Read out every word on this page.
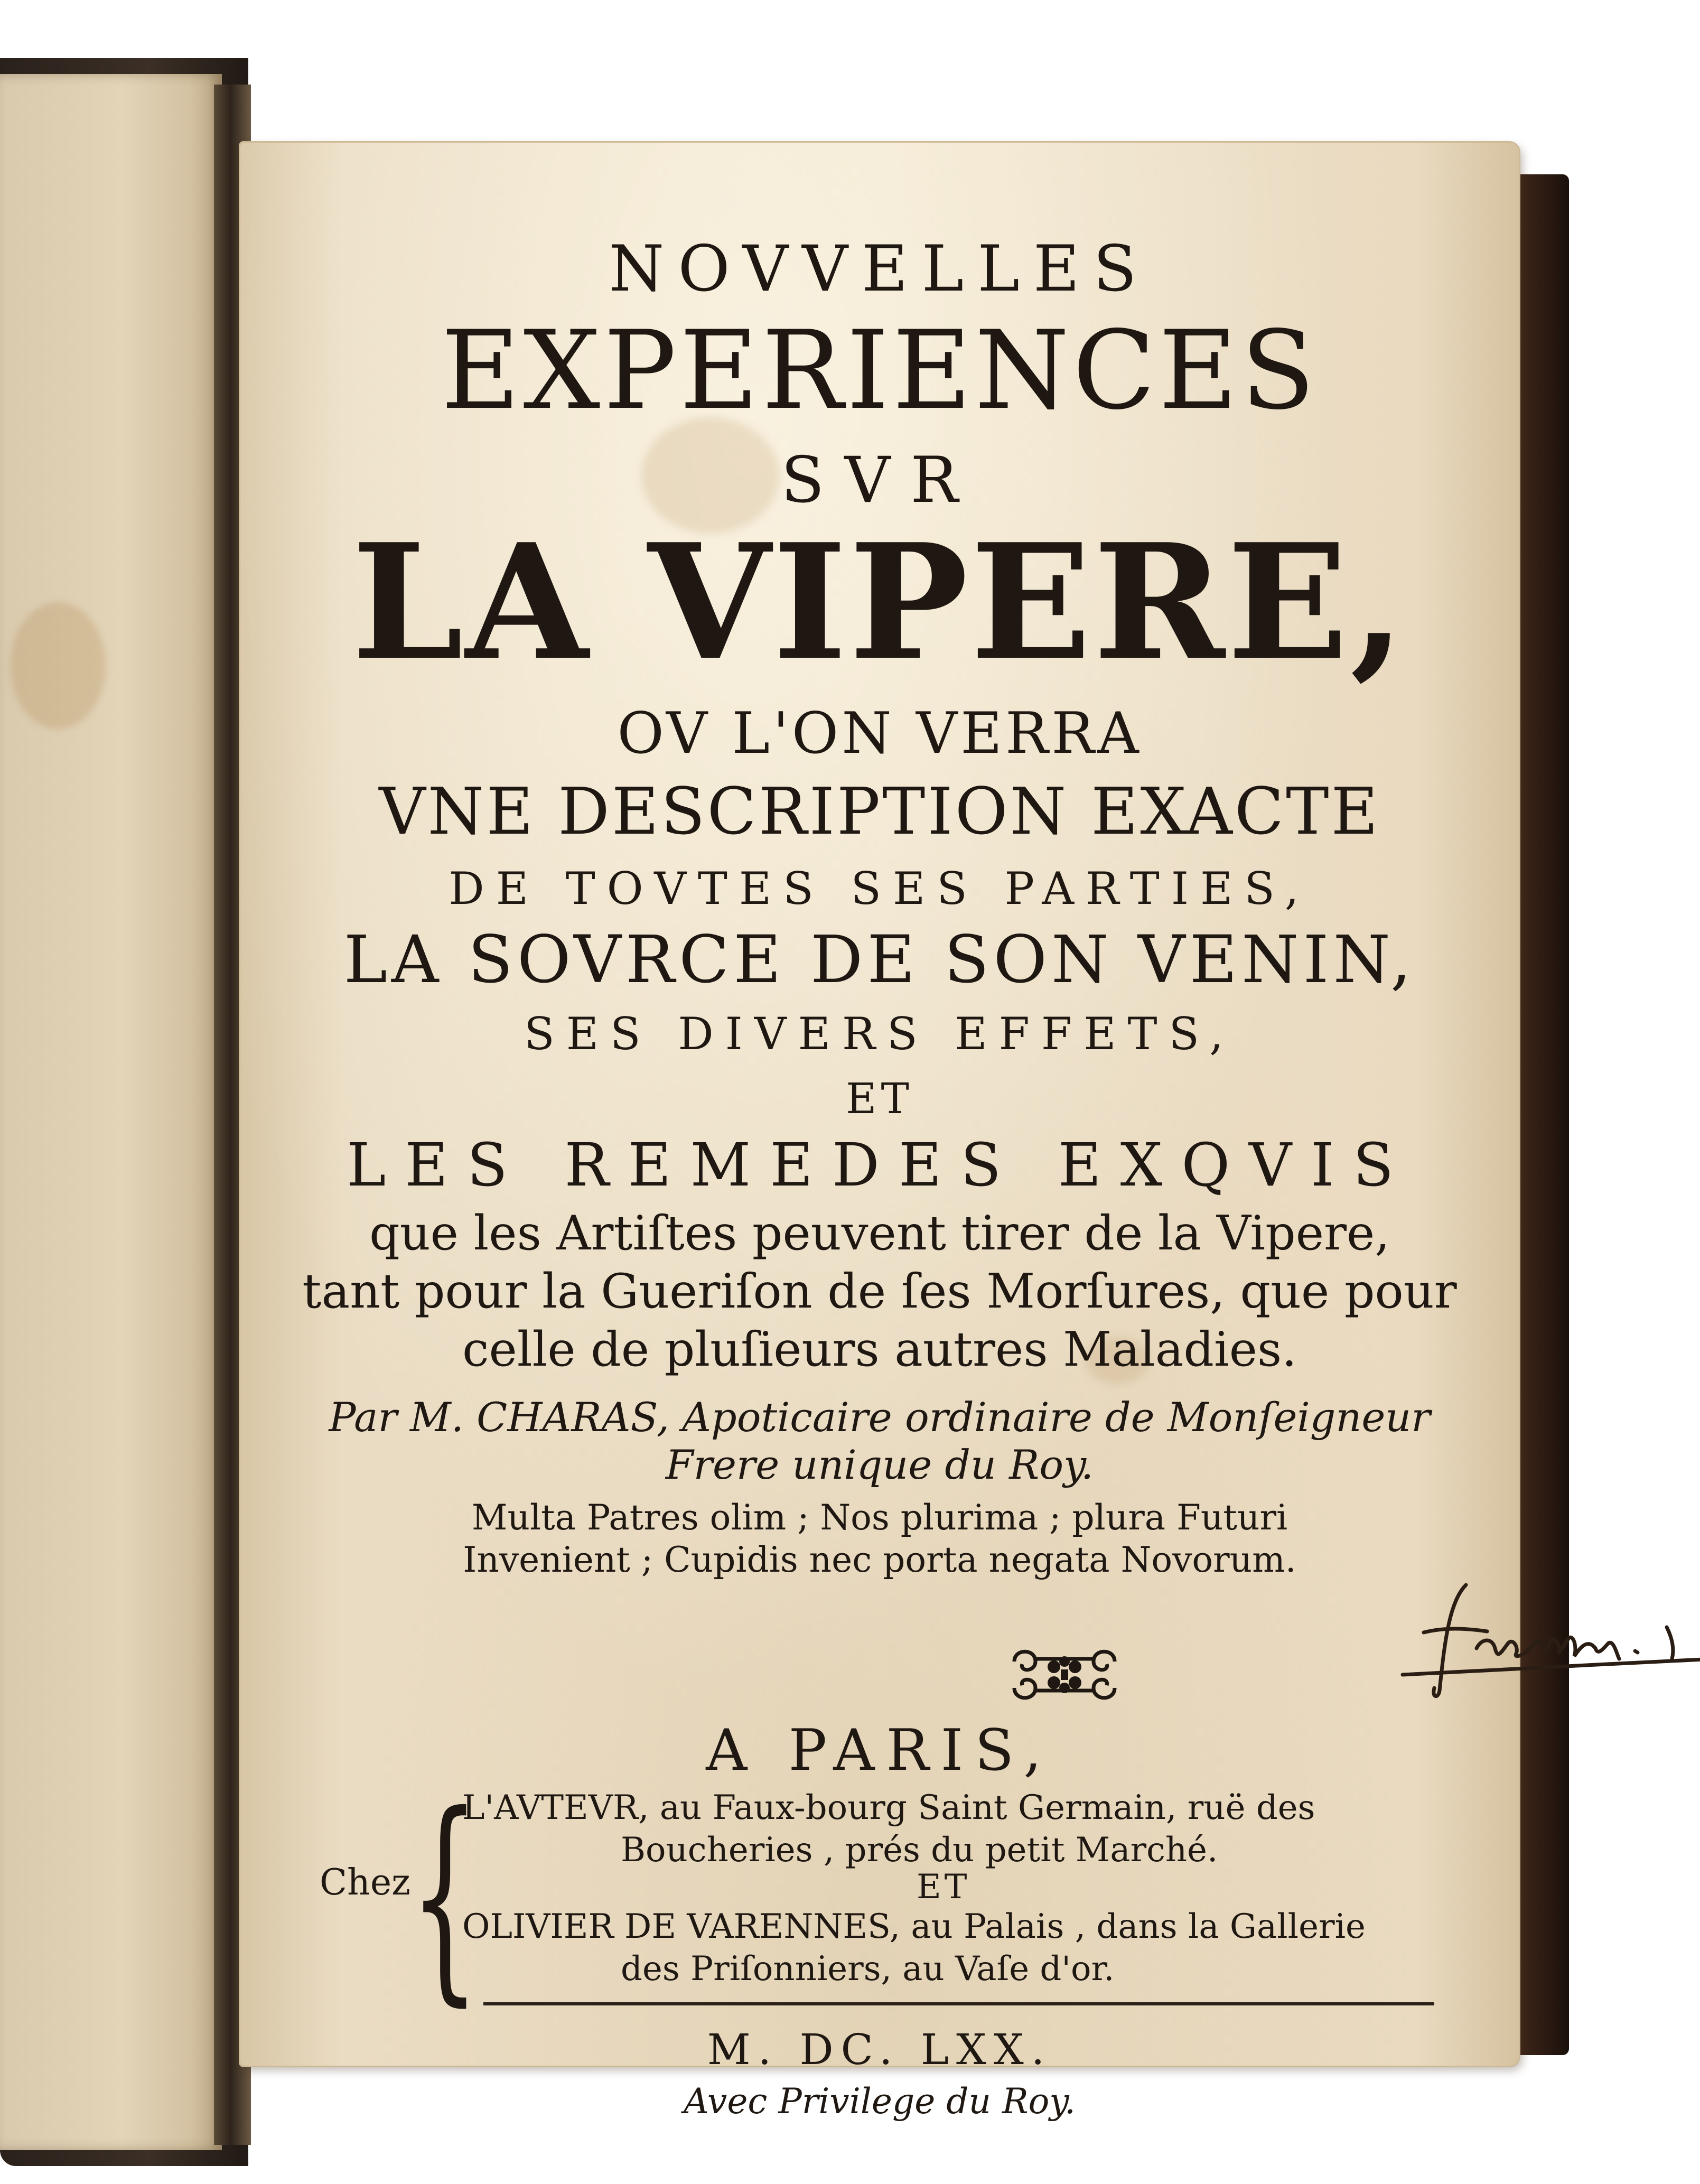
NOVVELLES
EXPERIENCES
SVR
LA VIPERE,
OV L'ON VERRA
VNE DESCRIPTION EXACTE
DE TOVTES SES PARTIES,
LA SOVRCE DE SON VENIN,
SES DIVERS EFFETS,
ET
LES REMEDES EXQVIS
que les Artiſtes peuvent tirer de la Vipere,
tant pour la Gueriſon de ſes Morſures, que pour
celle de pluſieurs autres Maladies.
Par M. CHARAS, Apoticaire ordinaire de Monſeigneur
Frere unique du Roy.
Multa Patres olim ; Nos plurima ; plura Futuri
Invenient ; Cupidis nec porta negata Novorum.
A PARIS,
Chez
{
L'AVTEVR, au Faux-bourg Saint Germain, ruë des
Boucheries , prés du petit Marché.
ET
OLIVIER DE VARENNES, au Palais , dans la Gallerie
des Priſonniers, au Vaſe d'or.
M. DC. LXX.
Avec Privilege du Roy.
